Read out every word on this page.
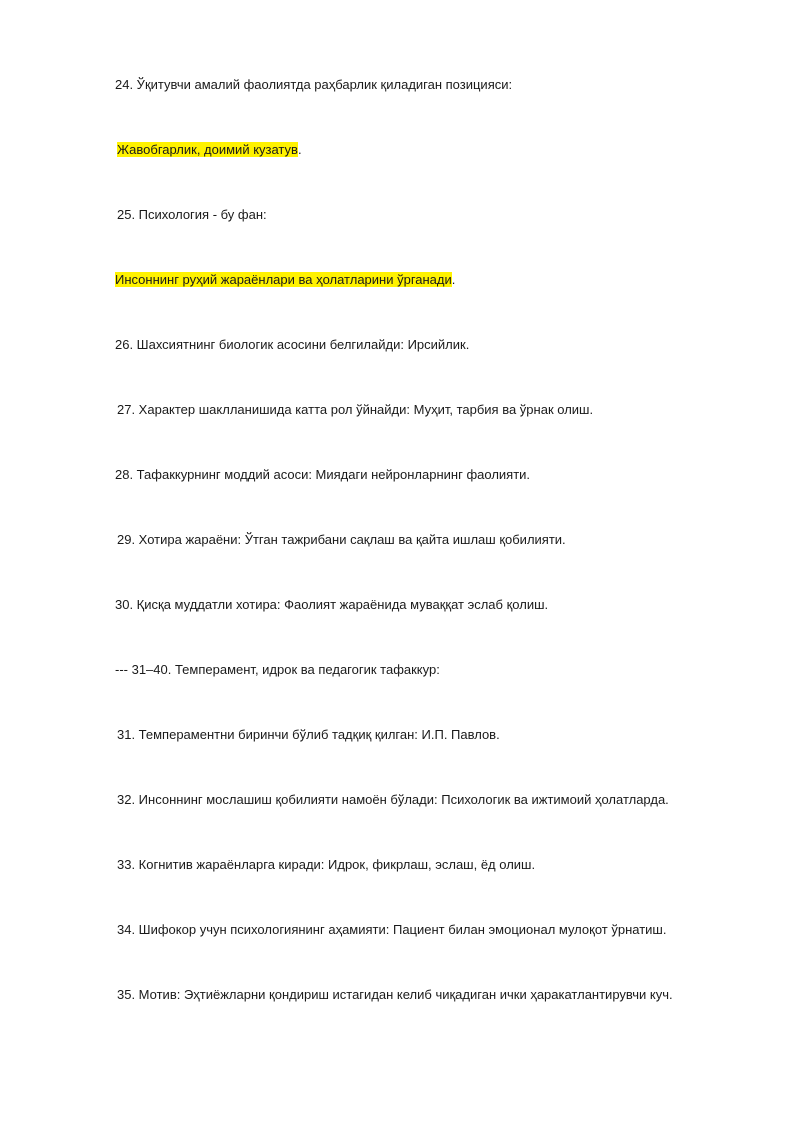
24. Ўқитувчи амалий фаолиятда раҳбарлик қиладиган позицияси:
Жавобгарлик, доимий кузатув.
25. Психология - бу фан:
Инсоннинг руҳий жараёнлари ва ҳолатларини ўрганади.
26. Шахсиятнинг биологик асосини белгилайди: Ирсийлик.
27. Характер шаклланишида катта рол ўйнайди: Муҳит, тарбия ва ўрнак олиш.
28. Тафаккурнинг моддий асоси: Миядаги нейронларнинг фаолияти.
29. Хотира жараёни: Ўтган тажрибани сақлаш ва қайта ишлаш қобилияти.
30. Қисқа муддатли хотира: Фаолият жараёнида муваққат эслаб қолиш.
--- 31–40. Темперамент, идрок ва педагогик тафаккур:
31. Темпераментни биринчи бўлиб тадқиқ қилган: И.П. Павлов.
32. Инсоннинг мослашиш қобилияти намоён бўлади: Психологик ва ижтимоий ҳолатларда.
33. Когнитив жараёнларга киради: Идрок, фикрлаш, эслаш, ёд олиш.
34. Шифокор учун психологиянинг аҳамияти: Пациент билан эмоционал мулоқот ўрнатиш.
35. Мотив: Эҳтиёжларни қондириш истагидан келиб чиқадиган ички ҳаракатлантирувчи куч.
